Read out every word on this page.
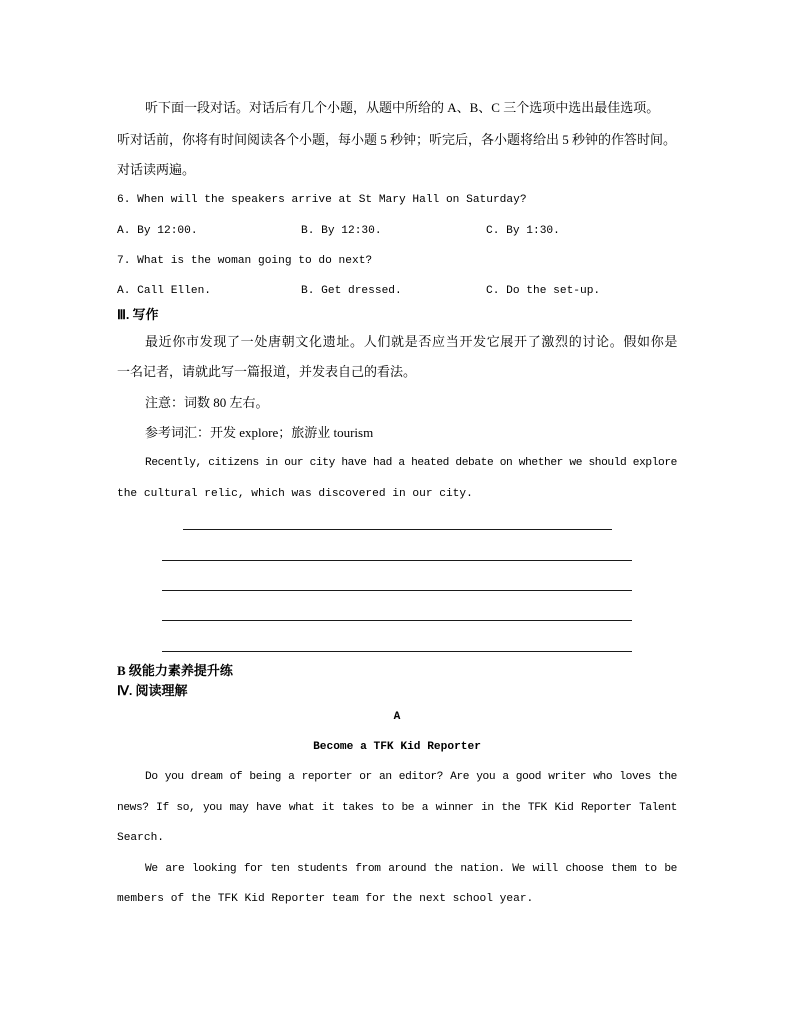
听下面一段对话。对话后有几个小题，从题中所给的 A、B、C 三个选项中选出最佳选项。
听对话前，你将有时间阅读各个小题，每小题 5 秒钟；听完后，各小题将给出 5 秒钟的作答时间。
对话读两遍。
6. When will the speakers arrive at St Mary Hall on Saturday?
A. By 12:00.	B. By 12:30.	C. By 1:30.
7. What is the woman going to do next?
A. Call Ellen.	B. Get dressed.	C. Do the set-up.
Ⅲ. 写作
最近你市发现了一处唐朝文化遗址。人们就是否应当开发它展开了激烈的讨论。假如你是
一名记者，请就此写一篇报道，并发表自己的看法。
注意：词数 80 左右。
参考词汇：开发 explore；旅游业 tourism
Recently, citizens in our city have had a heated debate on whether we should explore
the cultural relic, which was discovered in our city.
B 级能力素养提升练
Ⅳ. 阅读理解
A
Become a TFK Kid Reporter
Do you dream of being a reporter or an editor? Are you a good writer who loves the
news? If so, you may have what it takes to be a winner in the TFK Kid Reporter Talent
Search.
We are looking for ten students from around the nation. We will choose them to be
members of the TFK Kid Reporter team for the next school year.
